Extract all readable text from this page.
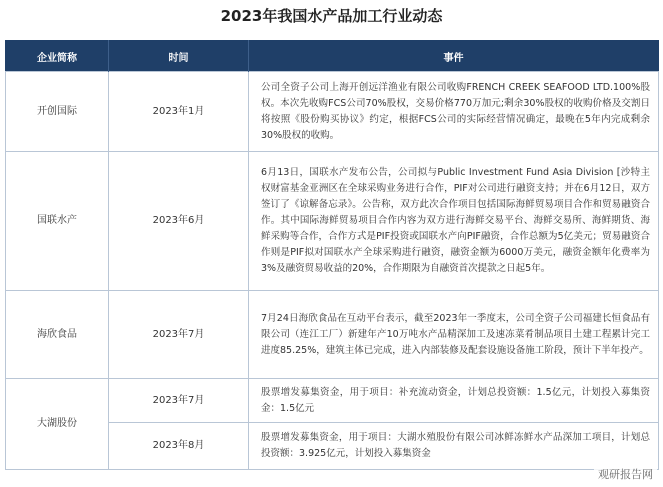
2023年我国水产品加工行业动态
企业简称	时间	事件
开创国际	2023年1月	公司全资子公司上海开创远洋渔业有限公司收购FRENCH CREEK SEAFOOD LTD.100%股权。本次先收购FCS公司70%股权，交易价格770万加元;剩余30%股权的收购价格及交割日将按照《股份购买协议》约定，根据FCS公司的实际经营情况确定，最晚在5年内完成剩余30%股权的收购。
国联水产	2023年6月	6月13日，国联水产发布公告，公司拟与Public Investment Fund Asia Division [沙特主权财富基金亚洲区在全球采购业务进行合作，PIF对公司进行融资支持；并在6月12日，双方签订了《谅解备忘录》。公告称，双方此次合作项目包括国际海鲜贸易项目合作和贸易融资合作。其中国际海鲜贸易项目合作内容为双方进行海鲜交易平台、海鲜交易所、海鲜期货、海鲜采购等合作，合作方式是PIF投资或国联水产向PIF融资，合作总额为5亿美元；贸易融资合作则是PIF拟对国联水产全球采购进行融资，融资金额为6000万美元，融资金额年化费率为3%及融资贸易收益的20%，合作期限为自融资首次提款之日起5年。
海欣食品	2023年7月	7月24日海欣食品在互动平台表示，截至2023年一季度末，公司全资子公司福建长恒食品有限公司（连江工厂）新建年产10万吨水产品精深加工及速冻菜肴制品项目土建工程累计完工进度85.25%，建筑主体已完成，进入内部装修及配套设施设备施工阶段，预计下半年投产。
大湖股份	2023年7月	股票增发募集资金，用于项目：补充流动资金，计划总投资额：1.5亿元，计划投入募集资金：1.5亿元
	2023年8月	股票增发募集资金，用于项目：大湖水殖股份有限公司冰鲜冻鲜水产品深加工项目，计划总投资额：3.925亿元，计划投入募集资金
观研报告网
